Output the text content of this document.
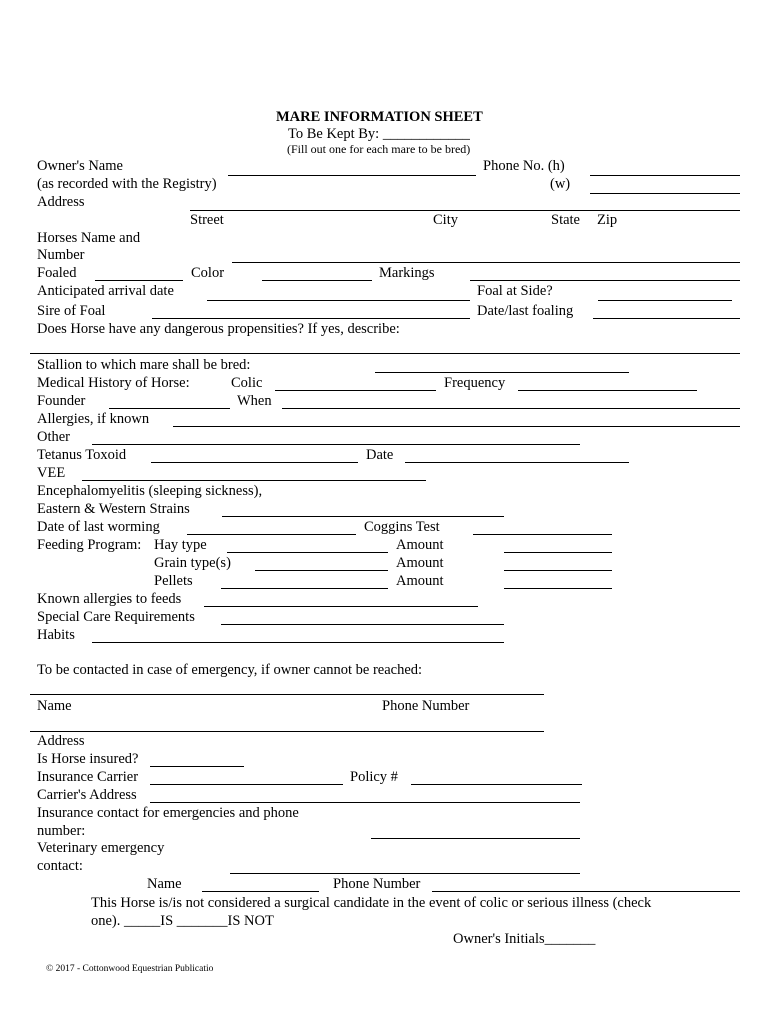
MARE INFORMATION SHEET
To Be Kept By: ____________
(Fill out one for each mare to be bred)
Owner's Name	Phone No. (h)
(as recorded with the Registry)	(w)
Address
Street	City	State Zip
Horses Name and
Number
Foaled	Color	Markings
Anticipated arrival date	Foal at Side?
Sire of Foal	Date/last foaling
Does Horse have any dangerous propensities? If yes, describe:
Stallion to which mare shall be bred:
Medical History of Horse:	Colic	Frequency
Founder	When
Allergies, if known
Other
Tetanus Toxoid	Date
VEE
Encephalomyelitis (sleeping sickness),
Eastern & Western Strains
Date of last worming	Coggins Test
Feeding Program: Hay type	Amount
Grain type(s)	Amount
Pellets	Amount
Known allergies to feeds
Special Care Requirements
Habits
To be contacted in case of emergency, if owner cannot be reached:
Name	Phone Number
Address
Is Horse insured?
Insurance Carrier	Policy #
Carrier's Address
Insurance contact for emergencies and phone
number:
Veterinary emergency
contact:
Name	Phone Number
This Horse is/is not considered a surgical candidate in the event of colic or serious illness (check
one). _____IS _______IS NOT
Owner's Initials_______
© 2017 - Cottonwood Equestrian Publicatio
